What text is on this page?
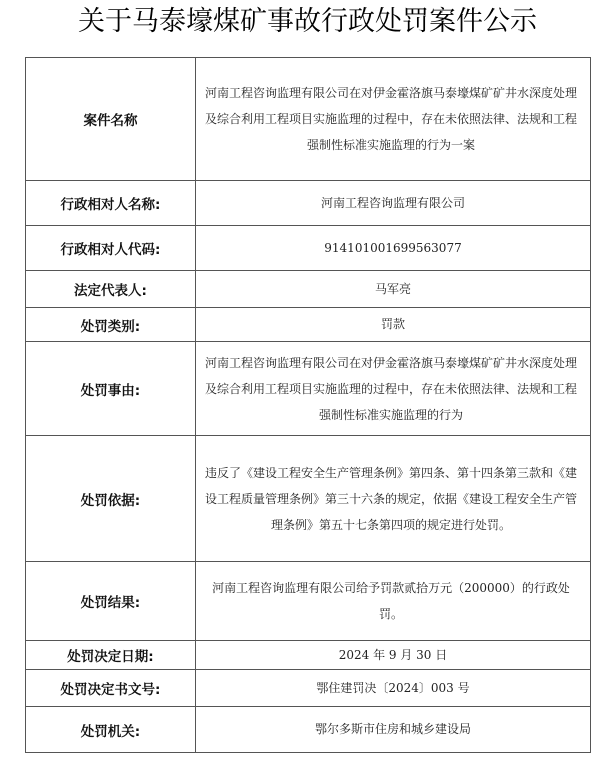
关于马泰壕煤矿事故行政处罚案件公示
案件名称	河南工程咨询监理有限公司在对伊金霍洛旗马泰壕煤矿矿井水深度处理及综合利用工程项目实施监理的过程中，存在未依照法律、法规和工程强制性标准实施监理的行为一案

行政相对人名称:	河南工程咨询监理有限公司
行政相对人代码:	914101001699563077
法定代表人:	马军亮
处罚类别:	罚款
处罚事由:	河南工程咨询监理有限公司在对伊金霍洛旗马泰壕煤矿矿井水深度处理及综合利用工程项目实施监理的过程中，存在未依照法律、法规和工程强制性标准实施监理的行为

处罚依据:	违反了《建设工程安全生产管理条例》第四条、第十四条第三款和《建设工程质量管理条例》第三十六条的规定，依据《建设工程安全生产管理条例》第五十七条第四项的规定进行处罚。

处罚结果:	河南工程咨询监理有限公司给予罚款贰拾万元（200000）的行政处罚。

处罚决定日期:	2024 年 9 月 30 日
处罚决定书文号:	鄂住建罚决〔2024〕003 号
处罚机关:	鄂尔多斯市住房和城乡建设局
